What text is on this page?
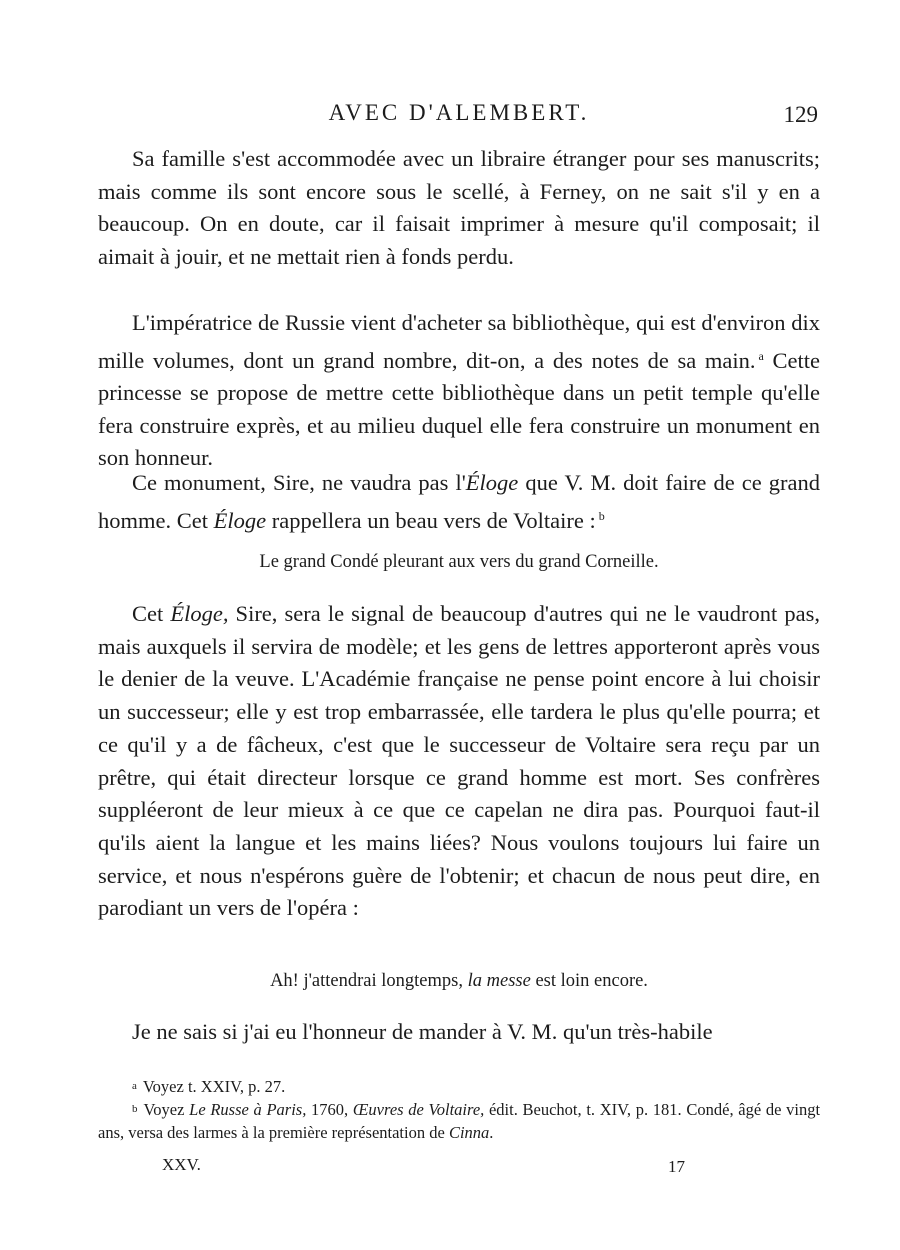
AVEC D'ALEMBERT.	129

Sa famille s'est accommodée avec un libraire étranger pour ses manuscrits; mais comme ils sont encore sous le scellé, à Ferney, on ne sait s'il y en a beaucoup. On en doute, car il faisait imprimer à mesure qu'il composait; il aimait à jouir, et ne mettait rien à fonds perdu.

L'impératrice de Russie vient d'acheter sa bibliothèque, qui est d'environ dix mille volumes, dont un grand nombre, dit-on, a des notes de sa main. $^a$ Cette princesse se propose de mettre cette bibliothèque dans un petit temple qu'elle fera construire exprès, et au milieu duquel elle fera construire un monument en son honneur.

Ce monument, Sire, ne vaudra pas l'Éloge que V. M. doit faire de ce grand homme. Cet Éloge rappellera un beau vers de Voltaire : $^b$

Le grand Condé pleurant aux vers du grand Corneille.

Cet Éloge, Sire, sera le signal de beaucoup d'autres qui ne le vaudront pas, mais auxquels il servira de modèle; et les gens de lettres apporteront après vous le denier de la veuve. L'Académie française ne pense point encore à lui choisir un successeur; elle y est trop embarrassée, elle tardera le plus qu'elle pourra; et ce qu'il y a de fâcheux, c'est que le successeur de Voltaire sera reçu par un prêtre, qui était directeur lorsque ce grand homme est mort. Ses confrères suppléeront de leur mieux à ce que ce capelan ne dira pas. Pourquoi faut-il qu'ils aient la langue et les mains liées? Nous voulons toujours lui faire un service, et nous n'espérons guère de l'obtenir; et chacun de nous peut dire, en parodiant un vers de l'opéra :

Ah! j'attendrai longtemps, la messe est loin encore.

Je ne sais si j'ai eu l'honneur de mander à V. M. qu'un très-habile

a Voyez t. XXIV, p. 27.

b Voyez Le Russe à Paris, 1760, Œuvres de Voltaire, édit. Beuchot, t. XIV, p. 181. Condé, âgé de vingt ans, versa des larmes à la première représentation de Cinna.

XXV.	17
